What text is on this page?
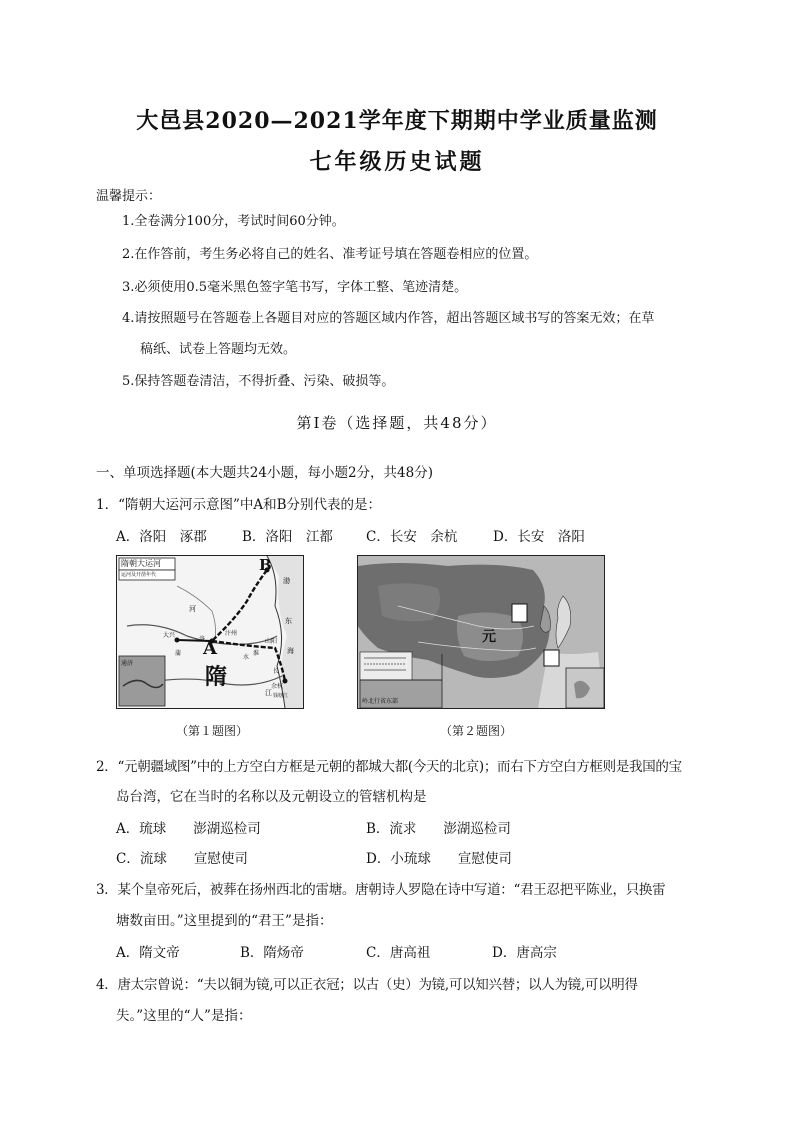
大邑县2020—2021学年度下期期中学业质量监测
七年级历史试题
温馨提示：
1.全卷满分100分，考试时间60分钟。
2.在作答前，考生务必将自己的姓名、准考证号填在答题卷相应的位置。
3.必须使用0.5毫米黑色签字笔书写，字体工整、笔迹清楚。
4.请按照题号在答题卷上各题目对应的答题区域内作答，超出答题区域书写的答案无效；在草
稿纸、试卷上答题均无效。
5.保持答题卷清洁，不得折叠、污染、破损等。
第Ⅰ卷（选择题，共48分）
一、单项选择题(本大题共24小题，每小题2分，共48分)
1．“隋朝大运河示意图”中A和B分别代表的是：
A．洛阳　涿郡	B．洛阳　江都 C．长安　余杭	D．长安　洛阳
隋朝大运河
运河及开凿年代
B
A
隋
通济
大兴
洛
河
东
海
江
长
余杭
钱塘江
山阳
汴州
蒲	淮
水
渤
（第１题图）
元
岭北行省东部
（第２题图）
2．“元朝疆域图”中的上方空白方框是元朝的都城大都(今天的北京)；而右下方空白方框则是我国的宝
岛台湾，它在当时的名称以及元朝设立的管辖机构是
A．琉球　　澎湖巡检司	B．流求　　澎湖巡检司
C．流球　　宣慰使司	D．小琉球　　宣慰使司
3．某个皇帝死后，被葬在扬州西北的雷塘。唐朝诗人罗隐在诗中写道：“君王忍把平陈业，只换雷
塘数亩田。”这里提到的“君王”是指：
A．隋文帝	B．隋炀帝	C．唐高祖	D．唐高宗
4．唐太宗曾说：“夫以铜为镜,可以正衣冠；以古（史）为镜,可以知兴替；以人为镜,可以明得
失。”这里的“人”是指：
